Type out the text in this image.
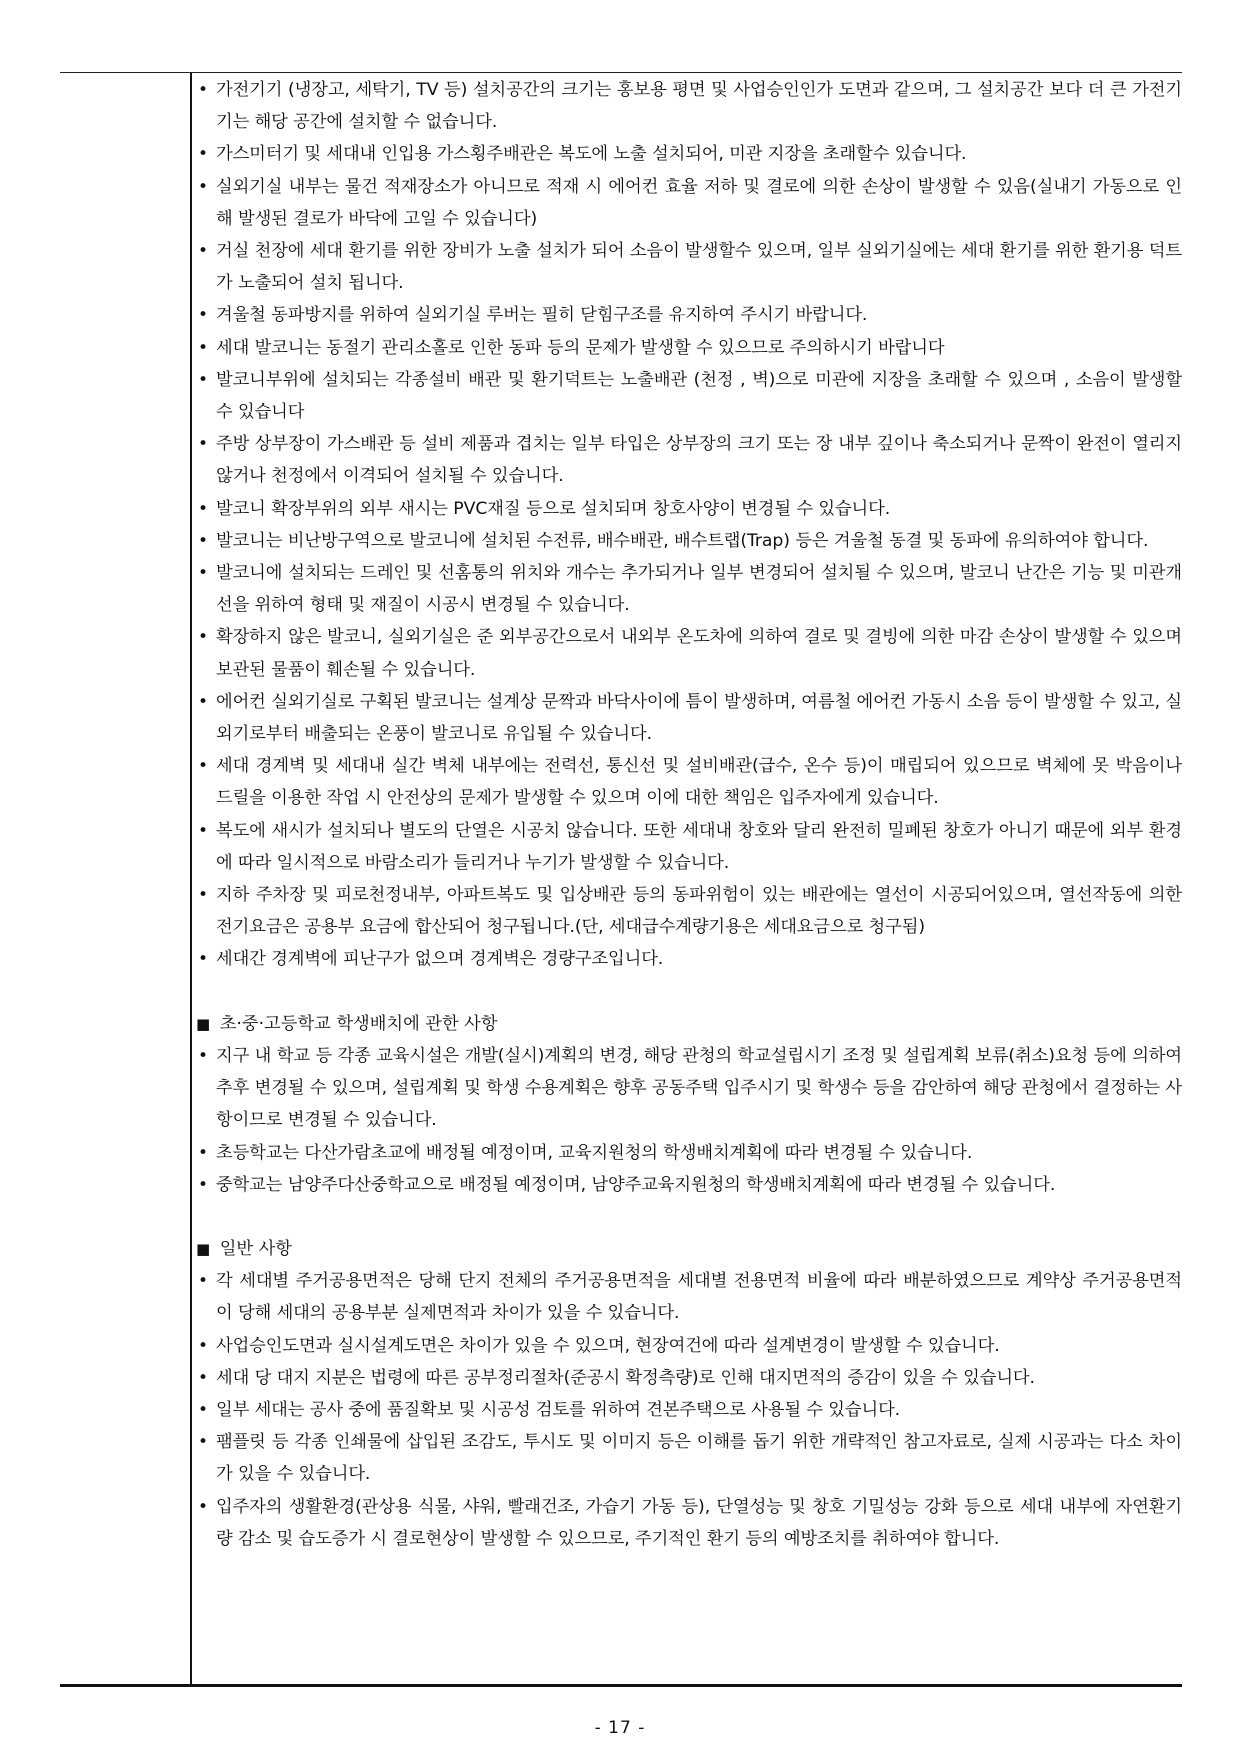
• 가전기기 (냉장고, 세탁기, TV 등) 설치공간의 크기는 홍보용 평면 및 사업승인인가 도면과 같으며, 그 설치공간 보다 더 큰 가전기기는 해당 공간에 설치할 수 없습니다.
• 가스미터기 및 세대내 인입용 가스횡주배관은 복도에 노출 설치되어, 미관 지장을 초래할수 있습니다.
• 실외기실 내부는 물건 적재장소가 아니므로 적재 시 에어컨 효율 저하 및 결로에 의한 손상이 발생할 수 있음(실내기 가동으로 인해 발생된 결로가 바닥에 고일 수 있습니다)
• 거실 천장에 세대 환기를 위한 장비가 노출 설치가 되어 소음이 발생할수 있으며, 일부 실외기실에는 세대 환기를 위한 환기용 덕트가 노출되어 설치 됩니다.
• 겨울철 동파방지를 위하여 실외기실 루버는 필히 닫힘구조를 유지하여 주시기 바랍니다.
• 세대 발코니는 동절기 관리소홀로 인한 동파 등의 문제가 발생할 수 있으므로 주의하시기 바랍니다
• 발코니부위에 설치되는 각종설비 배관 및 환기덕트는 노출배관 (천정 , 벽)으로 미관에 지장을 초래할 수 있으며 , 소음이 발생할 수 있습니다
• 주방 상부장이 가스배관 등 설비 제품과 겹치는 일부 타입은 상부장의 크기 또는 장 내부 깊이나 축소되거나 문짝이 완전이 열리지 않거나 천정에서 이격되어 설치될 수 있습니다.
• 발코니 확장부위의 외부 새시는 PVC재질 등으로 설치되며 창호사양이 변경될 수 있습니다.
• 발코니는 비난방구역으로 발코니에 설치된 수전류, 배수배관, 배수트랩(Trap) 등은 겨울철 동결 및 동파에 유의하여야 합니다.
• 발코니에 설치되는 드레인 및 선홈통의 위치와 개수는 추가되거나 일부 변경되어 설치될 수 있으며, 발코니 난간은 기능 및 미관개선을 위하여 형태 및 재질이 시공시 변경될 수 있습니다.
• 확장하지 않은 발코니, 실외기실은 준 외부공간으로서 내외부 온도차에 의하여 결로 및 결빙에 의한 마감 손상이 발생할 수 있으며 보관된 물품이 훼손될 수 있습니다.
• 에어컨 실외기실로 구획된 발코니는 설계상 문짝과 바닥사이에 틈이 발생하며, 여름철 에어컨 가동시 소음 등이 발생할 수 있고, 실외기로부터 배출되는 온풍이 발코니로 유입될 수 있습니다.
• 세대 경계벽 및 세대내 실간 벽체 내부에는 전력선, 통신선 및 설비배관(급수, 온수 등)이 매립되어 있으므로 벽체에 못 박음이나 드릴을 이용한 작업 시 안전상의 문제가 발생할 수 있으며 이에 대한 책임은 입주자에게 있습니다.
• 복도에 새시가 설치되나 별도의 단열은 시공치 않습니다. 또한 세대내 창호와 달리 완전히 밀폐된 창호가 아니기 때문에 외부 환경에 따라 일시적으로 바람소리가 들리거나 누기가 발생할 수 있습니다.
• 지하 주차장 및 피로천정내부, 아파트복도 및 입상배관 등의 동파위험이 있는 배관에는 열선이 시공되어있으며, 열선작동에 의한 전기요금은 공용부 요금에 합산되어 청구됩니다.(단, 세대급수계량기용은 세대요금으로 청구됨)
• 세대간 경계벽에 피난구가 없으며 경계벽은 경량구조입니다.
■ 초·중·고등학교 학생배치에 관한 사항
• 지구 내 학교 등 각종 교육시설은 개발(실시)계획의 변경, 해당 관청의 학교설립시기 조정 및 설립계획 보류(취소)요청 등에 의하여 추후 변경될 수 있으며, 설립계획 및 학생 수용계획은 향후 공동주택 입주시기 및 학생수 등을 감안하여 해당 관청에서 결정하는 사항이므로 변경될 수 있습니다.
• 초등학교는 다산가람초교에 배정될 예정이며, 교육지원청의 학생배치계획에 따라 변경될 수 있습니다.
• 중학교는 남양주다산중학교으로 배정될 예정이며, 남양주교육지원청의 학생배치계획에 따라 변경될 수 있습니다.
■ 일반 사항
• 각 세대별 주거공용면적은 당해 단지 전체의 주거공용면적을 세대별 전용면적 비율에 따라 배분하였으므로 계약상 주거공용면적이 당해 세대의 공용부분 실제면적과 차이가 있을 수 있습니다.
• 사업승인도면과 실시설계도면은 차이가 있을 수 있으며, 현장여건에 따라 설계변경이 발생할 수 있습니다.
• 세대 당 대지 지분은 법령에 따른 공부정리절차(준공시 확정측량)로 인해 대지면적의 증감이 있을 수 있습니다.
• 일부 세대는 공사 중에 품질확보 및 시공성 검토를 위하여 견본주택으로 사용될 수 있습니다.
• 팸플릿 등 각종 인쇄물에 삽입된 조감도, 투시도 및 이미지 등은 이해를 돕기 위한 개략적인 참고자료로, 실제 시공과는 다소 차이가 있을 수 있습니다.
• 입주자의 생활환경(관상용 식물, 샤워, 빨래건조, 가습기 가동 등), 단열성능 및 창호 기밀성능 강화 등으로 세대 내부에 자연환기량 감소 및 습도증가 시 결로현상이 발생할 수 있으므로, 주기적인 환기 등의 예방조치를 취하여야 합니다.
- 17 -
